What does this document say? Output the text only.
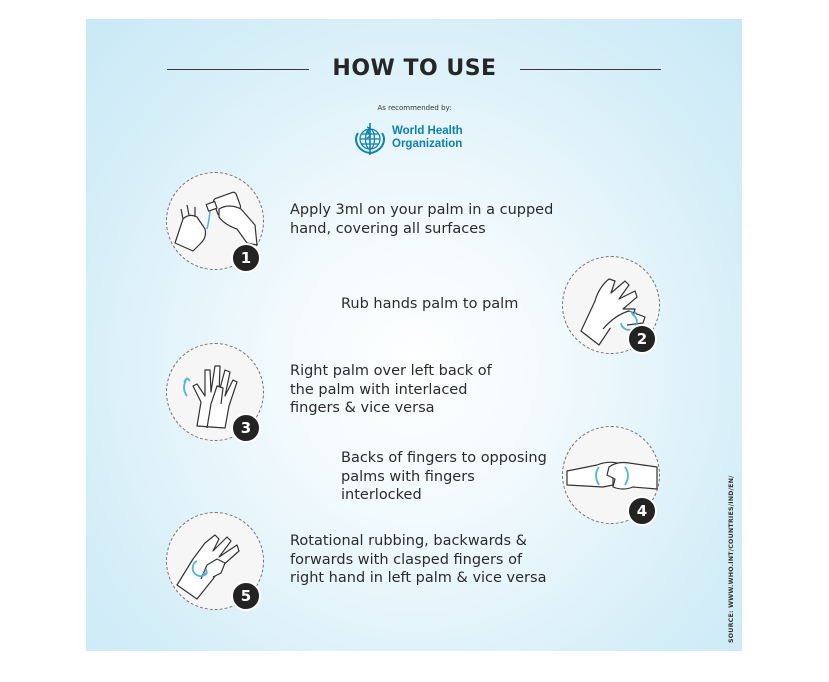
HOW TO USE
As recommended by:
World Health
Organization
1
Apply 3ml on your palm in a cupped
hand, covering all surfaces
2
Rub hands palm to palm
3
Right palm over left back of
the palm with interlaced
fingers & vice versa
4
Backs of fingers to opposing
palms with fingers
interlocked
5
Rotational rubbing, backwards &
forwards with clasped fingers of
right hand in left palm & vice versa	SOURCE: WWW.WHO.INT/COUNTRIES/IND/EN/
